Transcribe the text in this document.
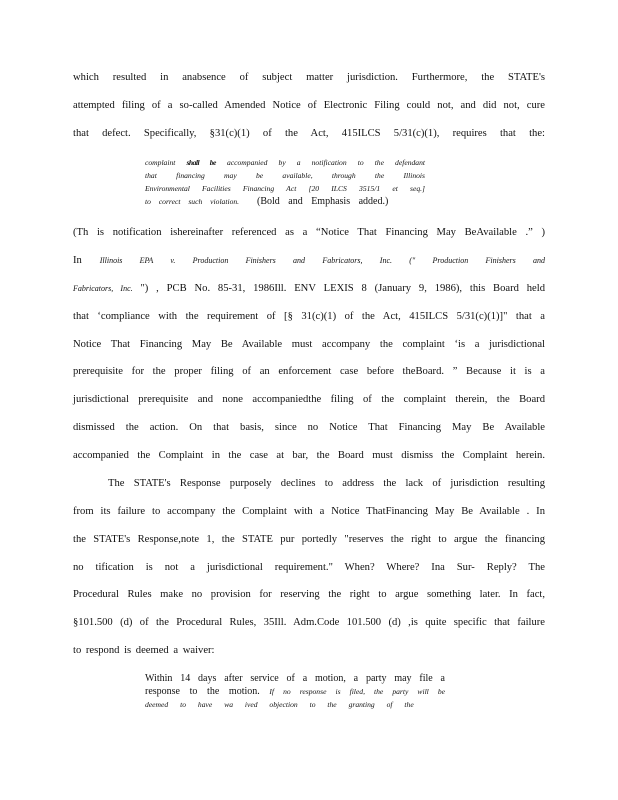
which resulted in anabsence of subject matter jurisdiction. Furthermore, the STATE's
attempted filing of a so-called Amended Notice of Electronic Filing could not, and did not, cure
that defect. Specifically, §31(c)(1) of the Act, 415ILCS 5/31(c)(1), requires that the:
complaint shall be accompanied by a notification to the defendant
that financing may be available, through the Illinois
Environmental Facilities Financing Act [20 ILCS 3515/1 et seq.]
to correct such violation. (Bold and Emphasis added.)
(Th is notification ishereinafter referenced as a “Notice That Financing May BeAvailable .” )
In Illinois EPA v. Production Finishers and Fabricators, Inc. (" Production Finishers and
Fabricators, Inc. ") , PCB No. 85-31, 1986Ill. ENV LEXIS 8 (January 9, 1986), this Board held
that ‘compliance with the requirement of [§ 31(c)(1) of the Act, 415ILCS 5/31(c)(1)]" that a
Notice That Financing May Be Available must accompany the complaint ‘is a jurisdictional
prerequisite for the proper filing of an enforcement case before theBoard. ” Because it is a
jurisdictional prerequisite and none accompaniedthe filing of the complaint therein, the Board
dismissed the action. On that basis, since no Notice That Financing May Be Available
accompanied the Complaint in the case at bar, the Board must dismiss the Complaint herein.
The STATE's Response purposely declines to address the lack of jurisdiction resulting
from its failure to accompany the Complaint with a Notice ThatFinancing May Be Available . In
the STATE's Response,note 1, the STATE pur portedly "reserves the right to argue the financing
no tification is not a jurisdictional requirement." When? Where? Ina Sur- Reply? The
Procedural Rules make no provision for reserving the right to argue something later. In fact,
§101.500 (d) of the Procedural Rules, 35Ill. Adm.Code 101.500 (d) ,is quite specific that failure
to respond is deemed a waiver:
Within 14 days after service of a motion, a party may file a
response to the motion. If no response is filed, the party will be
deemed to have wa ived objection to the granting of the
